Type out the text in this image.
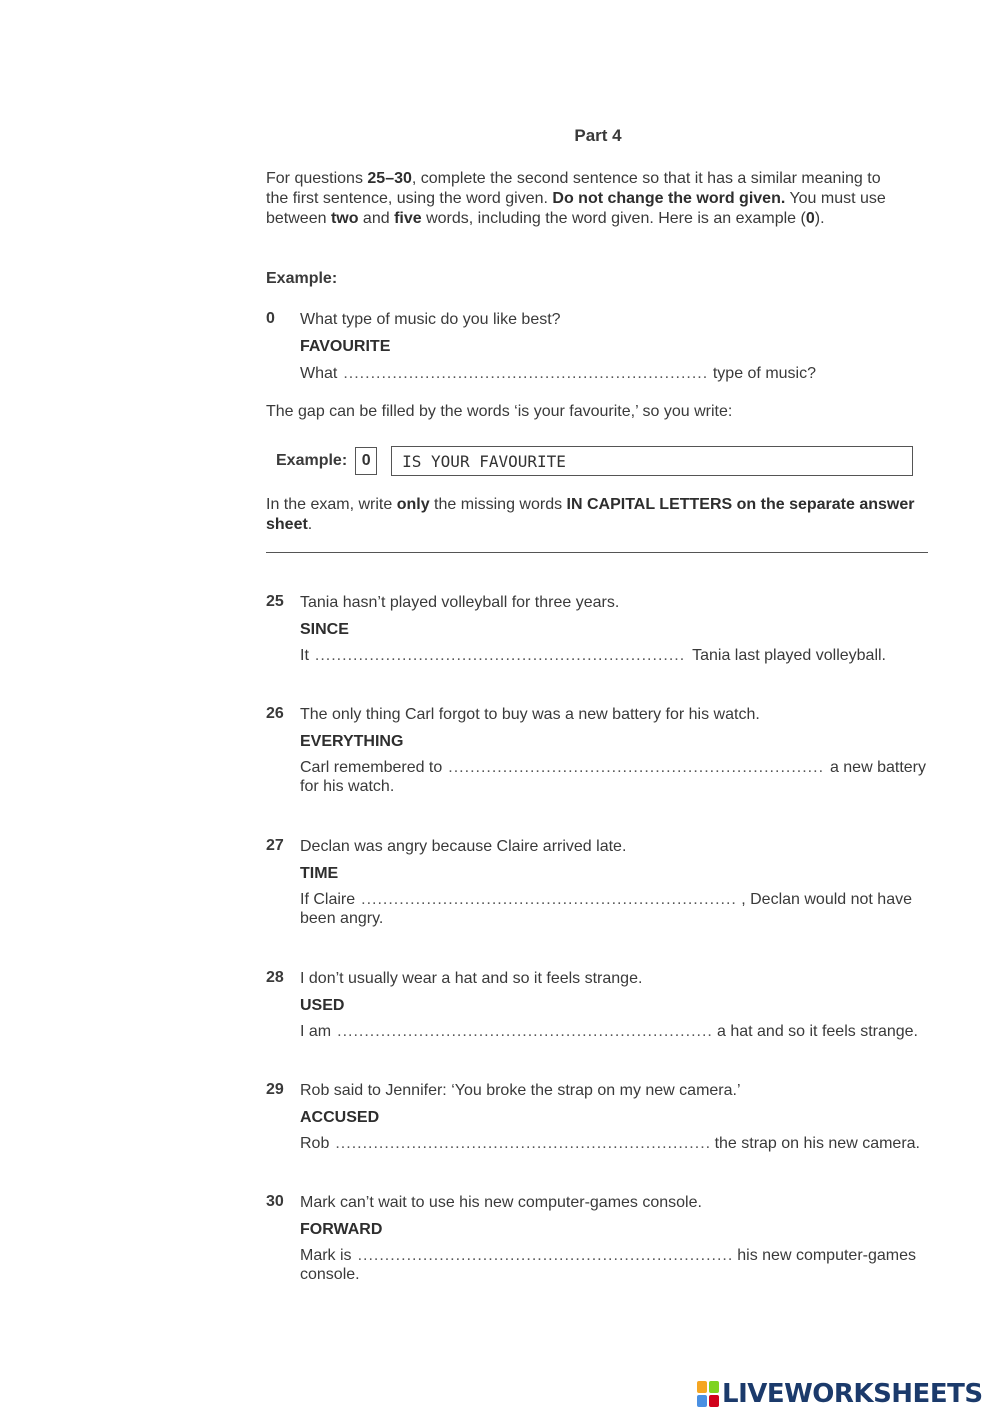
Part 4
For questions 25–30, complete the second sentence so that it has a similar meaning to the first sentence, using the word given. Do not change the word given. You must use between two and five words, including the word given. Here is an example (0).
Example:
0 What type of music do you like best?
FAVOURITE
What .....	type of music?
The gap can be filled by the words ‘is your favourite,’ so you write:
Example: 0	IS YOUR FAVOURITE
In the exam, write only the missing words IN CAPITAL LETTERS on the separate answer sheet.
25 Tania hasn’t played volleyball for three years.
SINCE
It .....	Tania last played volleyball.
26 The only thing Carl forgot to buy was a new battery for his watch.
EVERYTHING
Carl remembered to .....	a new battery
for his watch.
27 Declan was angry because Claire arrived late.
TIME
If Claire .....	, Declan would not have
been angry.
28 I don’t usually wear a hat and so it feels strange.
USED
I am .....	a hat and so it feels strange.
29 Rob said to Jennifer: ‘You broke the strap on my new camera.’
ACCUSED
Rob .....	the strap on his new camera.
30 Mark can’t wait to use his new computer-games console.
FORWARD
Mark is .....	his new computer-games
console.
LIVEWORKSHEETS
